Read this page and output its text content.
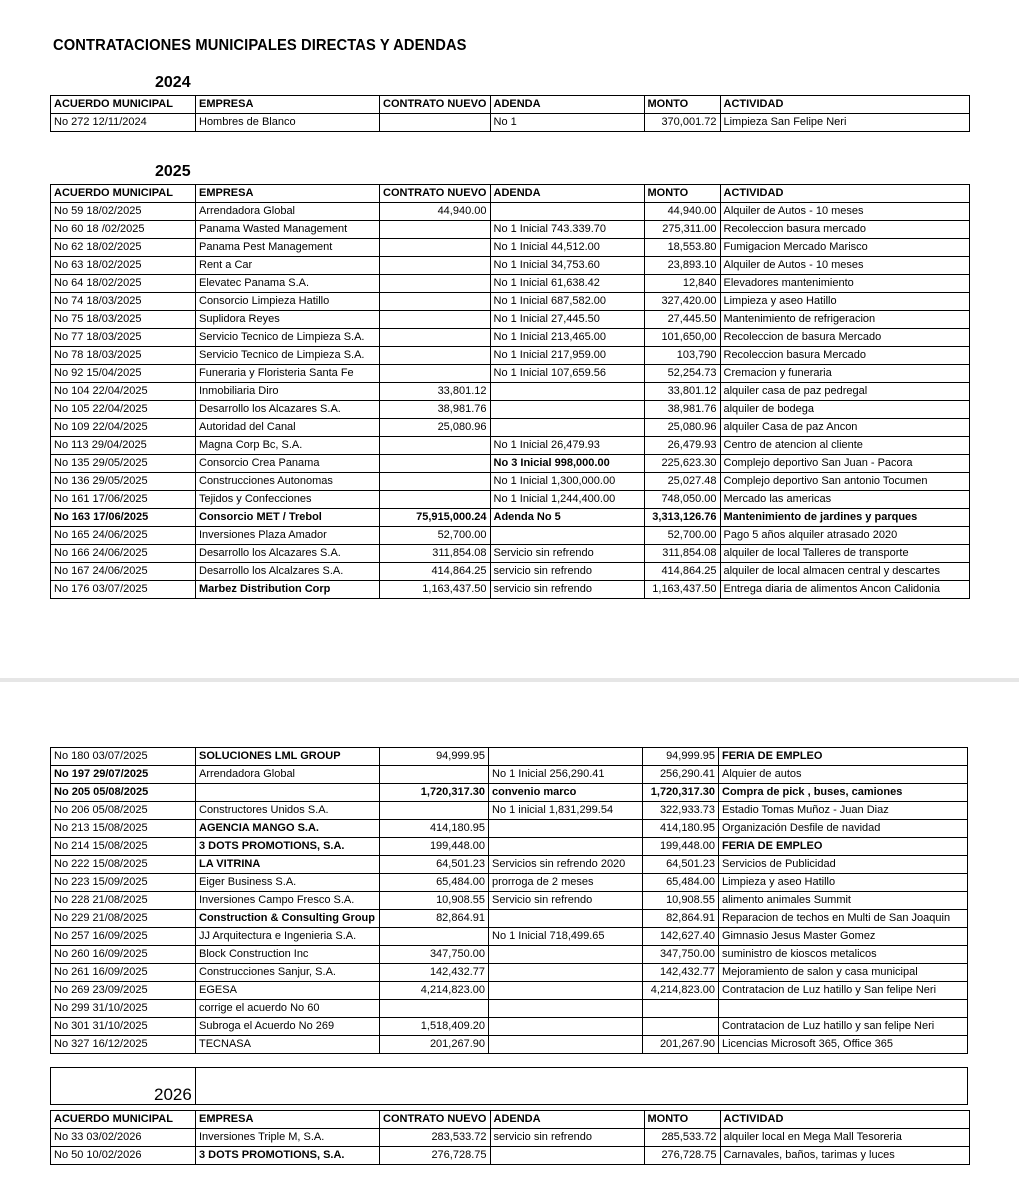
CONTRATACIONES MUNICIPALES DIRECTAS Y ADENDAS
2024
ACUERDO MUNICIPAL	EMPRESA	CONTRATO NUEVO	ADENDA	MONTO	ACTIVIDAD
No 272 12/11/2024	Hombres de Blanco		No 1	370,001.72	Limpieza San Felipe Neri
2025
ACUERDO MUNICIPAL	EMPRESA	CONTRATO NUEVO	ADENDA	MONTO	ACTIVIDAD
No 59 18/02/2025	Arrendadora Global	44,940.00		44,940.00	Alquiler de Autos - 10 meses
No 60 18 /02/2025	Panama Wasted Management		No 1 Inicial 743.339.70	275,311.00	Recoleccion basura mercado
No 62 18/02/2025	Panama Pest Management		No 1 Inicial 44,512.00	18,553.80	Fumigacion Mercado Marisco
No 63 18/02/2025	Rent a Car		No 1 Inicial 34,753.60	23,893.10	Alquiler de Autos - 10 meses
No 64 18/02/2025	Elevatec Panama S.A.		No 1 Inicial 61,638.42	12,840	Elevadores mantenimiento
No 74 18/03/2025	Consorcio Limpieza Hatillo		No 1 Inicial 687,582.00	327,420.00	Limpieza y aseo Hatillo
No 75 18/03/2025	Suplidora Reyes		No 1 Inicial 27,445.50	27,445.50	Mantenimiento de refrigeracion
No 77 18/03/2025	Servicio Tecnico de Limpieza S.A.		No 1 Inicial 213,465.00	101,650,00	Recoleccion de basura Mercado
No 78 18/03/2025	Servicio Tecnico de Limpieza S.A.		No 1 Inicial 217,959.00	103,790	Recoleccion basura Mercado
No 92 15/04/2025	Funeraria y Floristeria Santa Fe		No 1 Inicial 107,659.56	52,254.73	Cremacion y funeraria
No 104 22/04/2025	Inmobiliaria Diro	33,801.12		33,801.12	alquiler casa de paz pedregal
No 105 22/04/2025	Desarrollo los Alcazares S.A.	38,981.76		38,981.76	alquiler de bodega
No 109 22/04/2025	Autoridad del Canal	25,080.96		25,080.96	alquiler Casa de paz Ancon
No 113 29/04/2025	Magna Corp Bc, S.A.		No 1 Inicial 26,479.93	26,479.93	Centro de atencion al cliente
No 135 29/05/2025	Consorcio Crea Panama		No 3 Inicial 998,000.00	225,623.30	Complejo deportivo San Juan - Pacora
No 136 29/05/2025	Construcciones Autonomas		No 1 Inicial 1,300,000.00	25,027.48	Complejo deportivo San antonio Tocumen
No 161 17/06/2025	Tejidos y Confecciones		No 1 Inicial 1,244,400.00	748,050.00	Mercado las americas
No 163 17/06/2025	Consorcio MET / Trebol	75,915,000.24	Adenda No 5	3,313,126.76	Mantenimiento de jardines y parques
No 165 24/06/2025	Inversiones Plaza Amador	52,700.00		52,700.00	Pago 5 años alquiler atrasado 2020
No 166 24/06/2025	Desarrollo los Alcazares S.A.	311,854.08	Servicio sin refrendo	311,854.08	alquiler de local Talleres de transporte
No 167 24/06/2025	Desarrollo los Alcalzares S.A.	414,864.25	servicio sin refrendo	414,864.25	alquiler de local almacen central y descartes
No 176 03/07/2025	Marbez Distribution Corp	1,163,437.50	servicio sin refrendo	1,163,437.50	Entrega diaria de alimentos Ancon Calidonia
No 180 03/07/2025	SOLUCIONES LML GROUP	94,999.95		94,999.95	FERIA DE EMPLEO
No 197 29/07/2025	Arrendadora Global		No 1 Inicial 256,290.41	256,290.41	Alquier de autos
No 205 05/08/2025		1,720,317.30	convenio marco	1,720,317.30	Compra de pick , buses, camiones
No 206 05/08/2025	Constructores Unidos S.A.		No 1 inicial 1,831,299.54	322,933.73	Estadio Tomas Muñoz - Juan Diaz
No 213 15/08/2025	AGENCIA MANGO S.A.	414,180.95		414,180.95	Organización Desfile de navidad
No 214 15/08/2025	3 DOTS PROMOTIONS, S.A.	199,448.00		199,448.00	FERIA DE EMPLEO
No 222 15/08/2025	LA VITRINA	64,501.23	Servicios sin refrendo 2020	64,501.23	Servicios de Publicidad
No 223 15/09/2025	Eiger Business S.A.	65,484.00	prorroga de 2 meses	65,484.00	Limpieza y aseo Hatillo
No 228 21/08/2025	Inversiones Campo Fresco S.A.	10,908.55	Servicio sin refrendo	10,908.55	alimento animales Summit
No 229 21/08/2025	Construction & Consulting Group	82,864.91		82,864.91	Reparacion de techos en Multi de San Joaquin
No 257 16/09/2025	JJ Arquitectura e Ingenieria S.A.		No 1 Inicial 718,499.65	142,627.40	Gimnasio Jesus Master Gomez
No 260 16/09/2025	Block Construction Inc	347,750.00		347,750.00	suministro de kioscos metalicos
No 261 16/09/2025	Construcciones Sanjur, S.A.	142,432.77		142,432.77	Mejoramiento de salon y casa municipal
No 269 23/09/2025	EGESA	4,214,823.00		4,214,823.00	Contratacion de Luz hatillo y San felipe Neri
No 299 31/10/2025	corrige el acuerdo No 60				
No 301 31/10/2025	Subroga el Acuerdo No 269	1,518,409.20			Contratacion de Luz hatillo y san felipe Neri
No 327 16/12/2025	TECNASA	201,267.90		201,267.90	Licencias Microsoft 365, Office 365

2026
ACUERDO MUNICIPAL	EMPRESA	CONTRATO NUEVO	ADENDA	MONTO	ACTIVIDAD
No 33 03/02/2026	Inversiones Triple M, S.A.	283,533.72	servicio sin refrendo	285,533.72	alquiler local en Mega Mall Tesoreria
No 50 10/02/2026	3 DOTS PROMOTIONS, S.A.	276,728.75		276,728.75	Carnavales, baños, tarimas y luces
